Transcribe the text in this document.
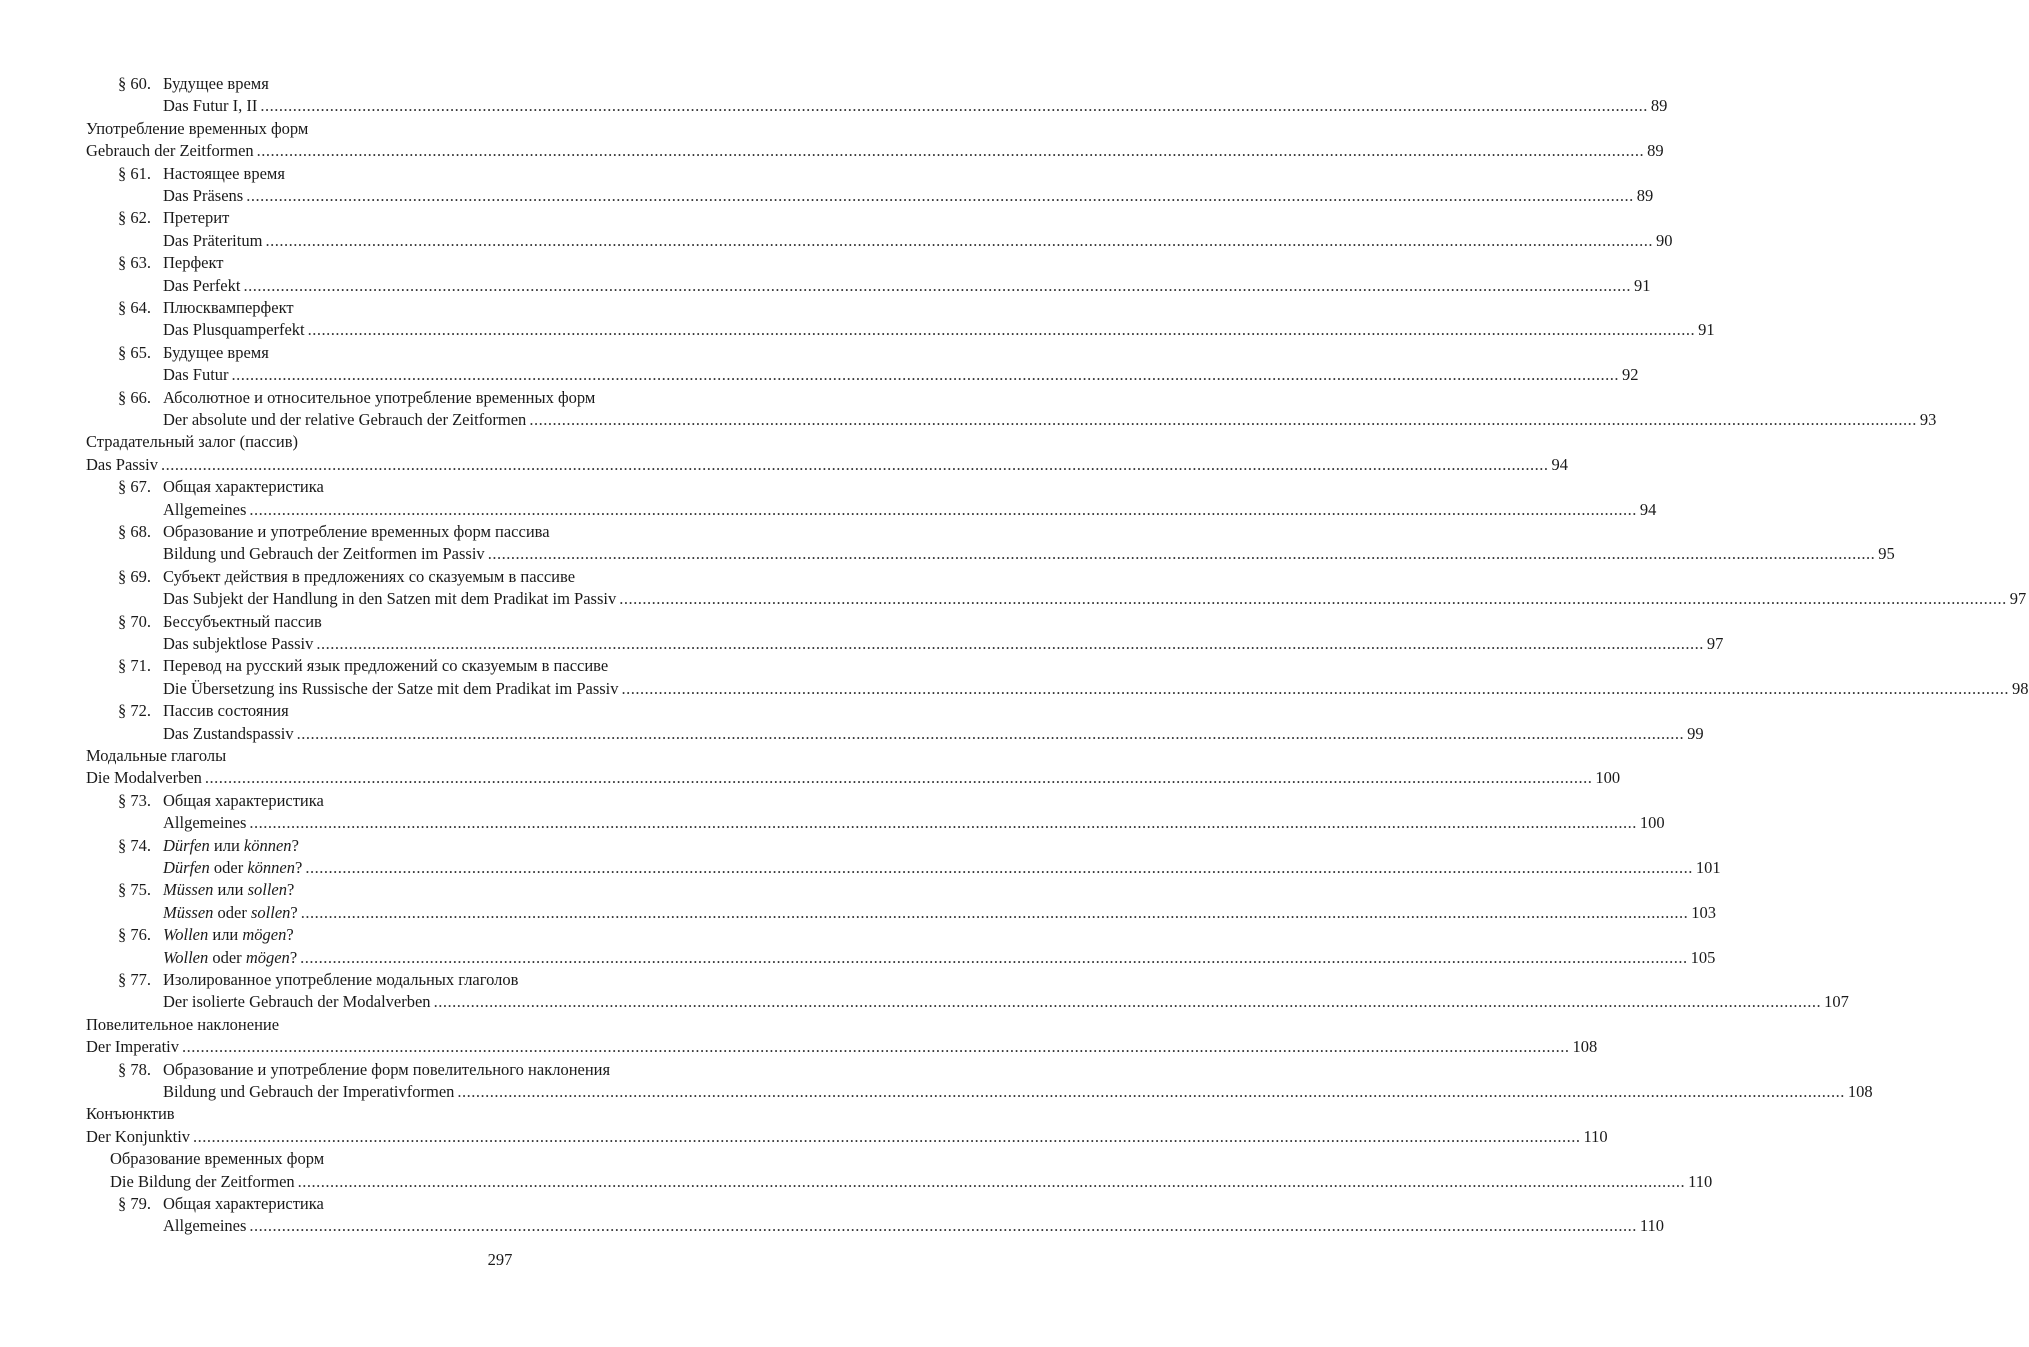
§ 60. Будущее время
Das Futur I, II ............................................................................................................................................................................................................................................................................................................ 89
Употребление временных форм
Gebrauch der Zeitformen ............................................................................................................................................................................................................................................................................................................ 89
§ 61. Настоящее время
Das Präsens ............................................................................................................................................................................................................................................................................................................ 89
§ 62. Претерит
Das Präteritum ............................................................................................................................................................................................................................................................................................................ 90
§ 63. Перфект
Das Perfekt ............................................................................................................................................................................................................................................................................................................ 91
§ 64. Плюсквамперфект
Das Plusquamperfekt ............................................................................................................................................................................................................................................................................................................ 91
§ 65. Будущее время
Das Futur ............................................................................................................................................................................................................................................................................................................ 92
§ 66. Абсолютное и относительное употребление временных форм
Der absolute und der relative Gebrauch der Zeitformen ............................................................................................................................................................................................................................................................................................................ 93
Страдательный залог (пассив)
Das Passiv ............................................................................................................................................................................................................................................................................................................ 94
§ 67. Общая характеристика
Allgemeines ............................................................................................................................................................................................................................................................................................................ 94
§ 68. Образование и употребление временных форм пассива
Bildung und Gebrauch der Zeitformen im Passiv ............................................................................................................................................................................................................................................................................................................ 95
§ 69. Субъект действия в предложениях со сказуемым в пассиве
Das Subjekt der Handlung in den Satzen mit dem Pradikat im Passiv ............................................................................................................................................................................................................................................................................................................ 97
§ 70. Бессубъектный пассив
Das subjektlose Passiv ............................................................................................................................................................................................................................................................................................................ 97
§ 71. Перевод на русский язык предложений со сказуемым в пассиве
Die Übersetzung ins Russische der Satze mit dem Pradikat im Passiv ............................................................................................................................................................................................................................................................................................................ 98
§ 72. Пассив состояния
Das Zustandspassiv ............................................................................................................................................................................................................................................................................................................ 99
Модальные глаголы
Die Modalverben ............................................................................................................................................................................................................................................................................................................ 100
§ 73. Общая характеристика
Allgemeines ............................................................................................................................................................................................................................................................................................................ 100
§ 74. Dürfen или können?
Dürfen oder können? ............................................................................................................................................................................................................................................................................................................ 101
§ 75. Müssen или sollen?
Müssen oder sollen? ............................................................................................................................................................................................................................................................................................................ 103
§ 76. Wollen или mögen?
Wollen oder mögen? ............................................................................................................................................................................................................................................................................................................ 105
§ 77. Изолированное употребление модальных глаголов
Der isolierte Gebrauch der Modalverben ............................................................................................................................................................................................................................................................................................................ 107
Повелительное наклонение
Der Imperativ ............................................................................................................................................................................................................................................................................................................ 108
§ 78. Образование и употребление форм повелительного наклонения
Bildung und Gebrauch der Imperativformen ............................................................................................................................................................................................................................................................................................................ 108
Конъюнктив
Der Konjunktiv ............................................................................................................................................................................................................................................................................................................ 110
Образование временных форм
Die Bildung der Zeitformen ............................................................................................................................................................................................................................................................................................................ 110
§ 79. Общая характеристика
Allgemeines ............................................................................................................................................................................................................................................................................................................ 110
297
